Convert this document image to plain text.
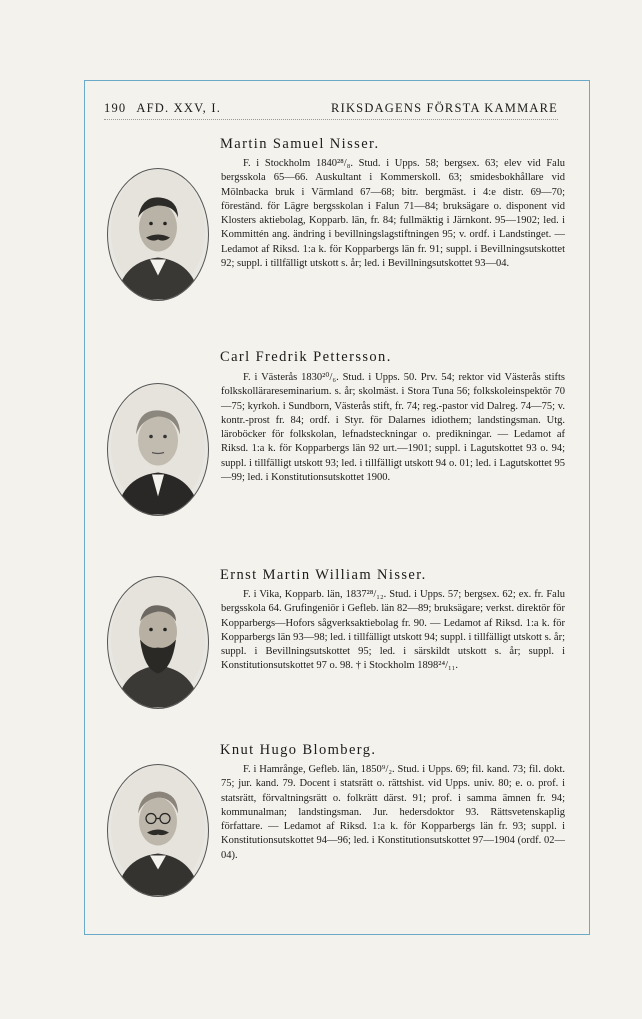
190 AFD. XXV, I.	RIKSDAGENS FÖRSTA KAMMARE
Martin Samuel Nisser.
F. i Stockholm 1840²⁸/₈. Stud. i Upps. 58; bergsex. 63; elev vid Falu bergsskola 65—66. Auskultant i Kommerskoll. 63; smidesbokhållare vid Mölnbacka bruk i Värmland 67—68; bitr. bergmäst. i 4:e distr. 69—70; föreständ. för Lägre bergsskolan i Falun 71—84; bruksägare o. disponent vid Klosters aktiebolag, Kopparb. län, fr. 84; fullmäktig i Järnkont. 95—1902; led. i Kommittén ang. ändring i bevillningslagstiftningen 95; v. ordf. i Landstinget. — Ledamot af Riksd. 1:a k. för Kopparbergs län fr. 91; suppl. i Bevillningsutskottet 92; suppl. i tillfälligt utskott s. år; led. i Bevillningsutskottet 93—04.
Carl Fredrik Pettersson.
F. i Västerås 1830²⁰/₆. Stud. i Upps. 50. Prv. 54; rektor vid Västerås stifts folkskollärareseminarium. s. år; skolmäst. i Stora Tuna 56; folkskoleinspektör 70—75; kyrkoh. i Sundborn, Västerås stift, fr. 74; reg.-pastor vid Dalreg. 74—75; v. kontr.-prost fr. 84; ordf. i Styr. för Dalarnes idiothem; landstingsman. Utg. läroböcker för folkskolan, lefnadsteckningar o. predikningar. — Ledamot af Riksd. 1:a k. för Kopparbergs län 92 urt.—1901; suppl. i Lagutskottet 93 o. 94; suppl. i tillfälligt utskott 93; led. i tillfälligt utskott 94 o. 01; led. i Lagutskottet 95—99; led. i Konstitutionsutskottet 1900.
Ernst Martin William Nisser.
F. i Vika, Kopparb. län, 1837²⁸/₁₂. Stud. i Upps. 57; bergsex. 62; ex. fr. Falu bergsskola 64. Grufingeniör i Gefleb. län 82—89; bruksägare; verkst. direktör för Kopparbergs—Hofors sågverksaktiebolag fr. 90. — Ledamot af Riksd. 1:a k. för Kopparbergs län 93—98; led. i tillfälligt utskott 94; suppl. i tillfälligt utskott s. år; suppl. i Bevillningsutskottet 95; led. i särskildt utskott s. år; suppl. i Konstitutionsutskottet 97 o. 98. † i Stockholm 1898²⁴/₁₁.
Knut Hugo Blomberg.
F. i Hamrånge, Gefleb. län, 1850⁹/₂. Stud. i Upps. 69; fil. kand. 73; fil. dokt. 75; jur. kand. 79. Docent i statsrätt o. rättshist. vid Upps. univ. 80; e. o. prof. i statsrätt, förvaltningsrätt o. folkrätt därst. 91; prof. i samma ämnen fr. 94; kommunalman; landstingsman. Jur. hedersdoktor 93. Rättsvetenskaplig författare. — Ledamot af Riksd. 1:a k. för Kopparbergs län fr. 93; suppl. i Konstitutionsutskottet 94—96; led. i Konstitutionsutskottet 97—1904 (ordf. 02—04).
